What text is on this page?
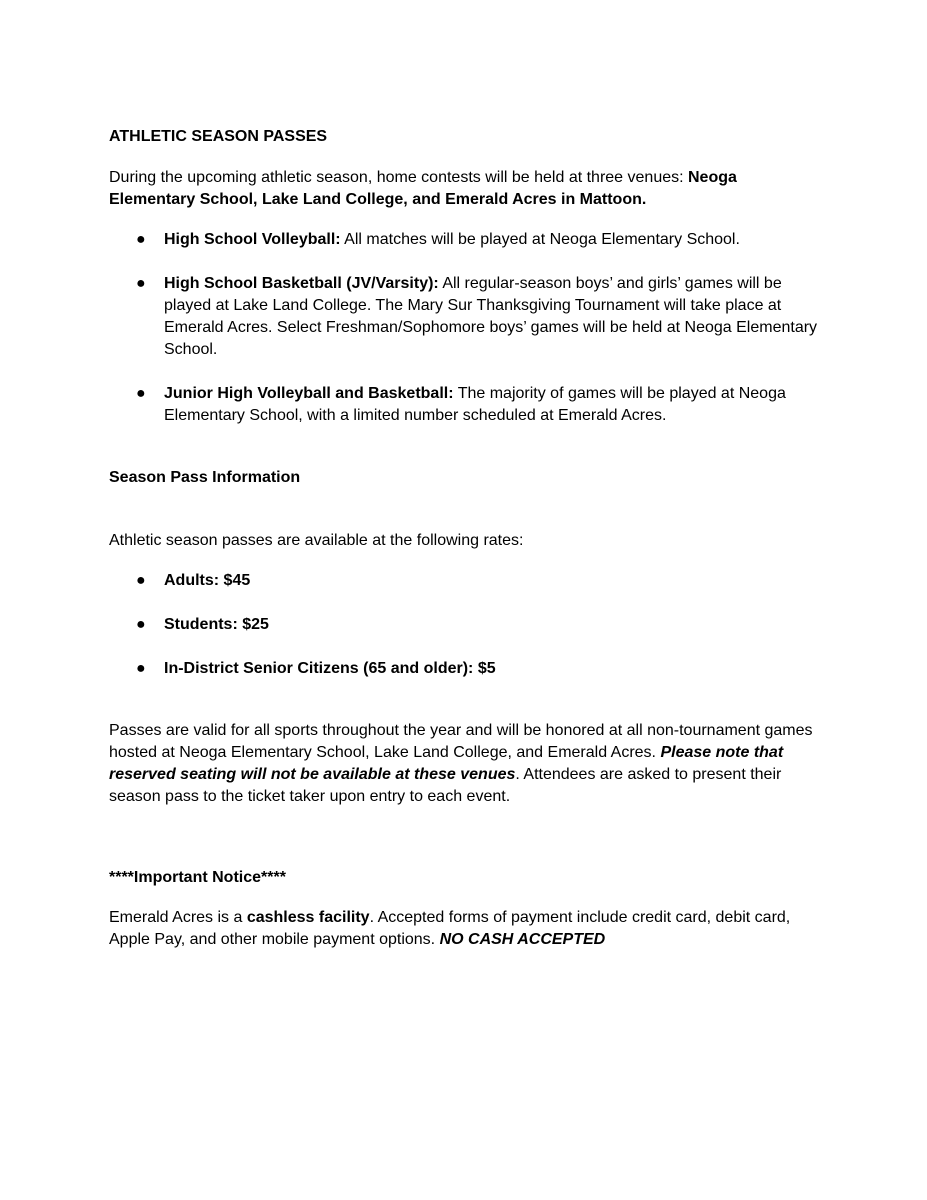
ATHLETIC SEASON PASSES

During the upcoming athletic season, home contests will be held at three venues: Neoga Elementary School, Lake Land College, and Emerald Acres in Mattoon.

● High School Volleyball: All matches will be played at Neoga Elementary School.

● High School Basketball (JV/Varsity): All regular-season boys’ and girls’ games will be played at Lake Land College. The Mary Sur Thanksgiving Tournament will take place at Emerald Acres. Select Freshman/Sophomore boys’ games will be held at Neoga Elementary School.

● Junior High Volleyball and Basketball: The majority of games will be played at Neoga Elementary School, with a limited number scheduled at Emerald Acres.

Season Pass Information
Athletic season passes are available at the following rates:
● Adults: $45
● Students: $25
● In-District Senior Citizens (65 and older): $5

Passes are valid for all sports throughout the year and will be honored at all non-tournament games hosted at Neoga Elementary School, Lake Land College, and Emerald Acres. Please note that reserved seating will not be available at these venues. Attendees are asked to present their season pass to the ticket taker upon entry to each event.

****Important Notice****

Emerald Acres is a cashless facility. Accepted forms of payment include credit card, debit card, Apple Pay, and other mobile payment options. NO CASH ACCEPTED
